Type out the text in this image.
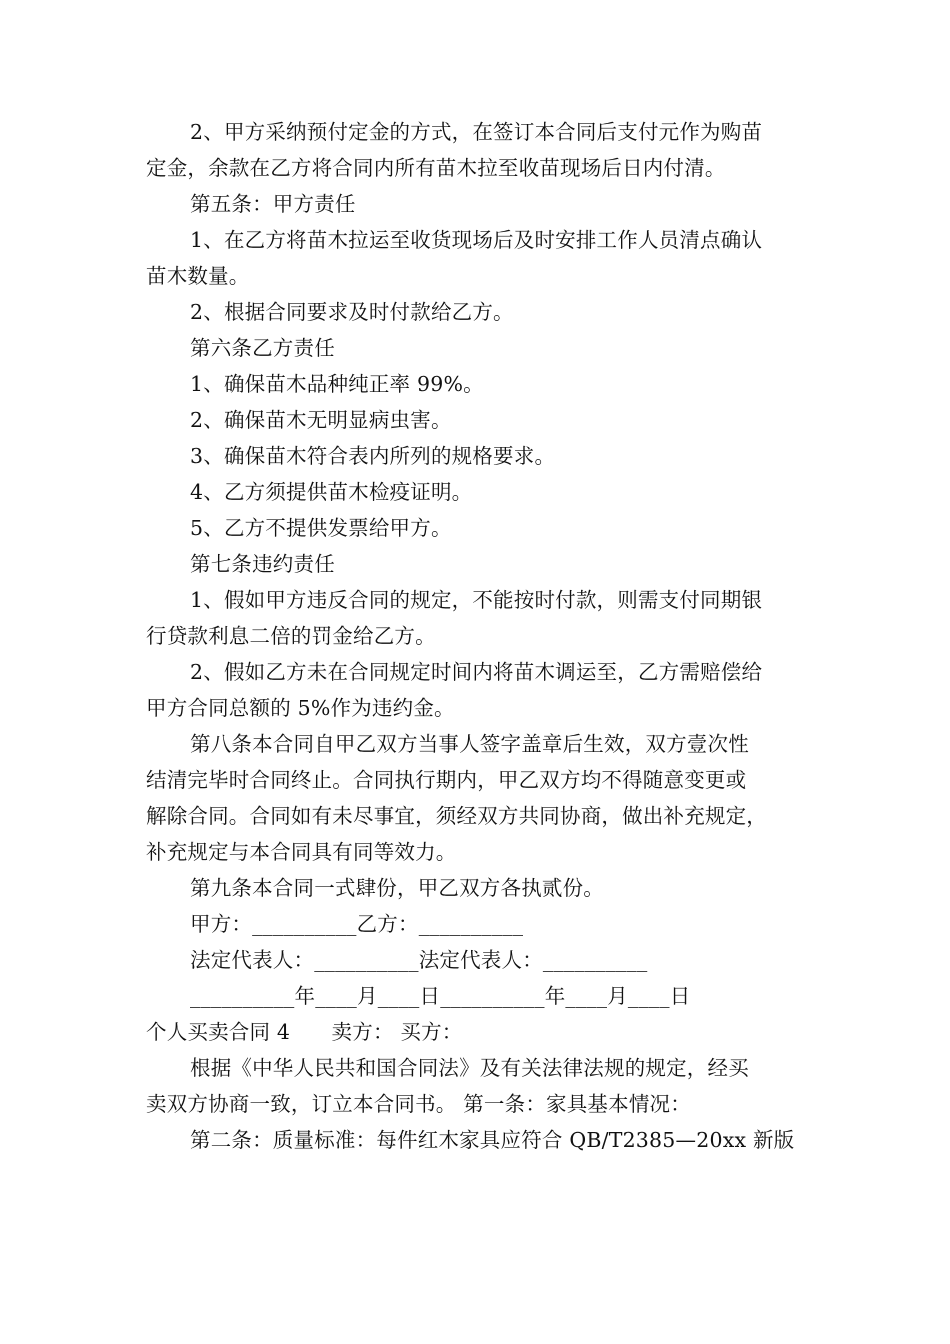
2、甲方采纳预付定金的方式，在签订本合同后支付元作为购苗
定金，余款在乙方将合同内所有苗木拉至收苗现场后日内付清。
第五条：甲方责任
1、在乙方将苗木拉运至收货现场后及时安排工作人员清点确认
苗木数量。
2、根据合同要求及时付款给乙方。
第六条乙方责任
1、确保苗木品种纯正率 99%。
2、确保苗木无明显病虫害。
3、确保苗木符合表内所列的规格要求。
4、乙方须提供苗木检疫证明。
5、乙方不提供发票给甲方。
第七条违约责任
1、假如甲方违反合同的规定，不能按时付款，则需支付同期银
行贷款利息二倍的罚金给乙方。
2、假如乙方未在合同规定时间内将苗木调运至，乙方需赔偿给
甲方合同总额的 5%作为违约金。
第八条本合同自甲乙双方当事人签字盖章后生效，双方壹次性
结清完毕时合同终止。合同执行期内，甲乙双方均不得随意变更或
解除合同。合同如有未尽事宜，须经双方共同协商，做出补充规定，
补充规定与本合同具有同等效力。
第九条本合同一式肆份，甲乙双方各执贰份。
甲方：__________乙方：__________
法定代表人：__________法定代表人：__________
__________年____月____日__________年____月____日
个人买卖合同 4　　卖方： 买方：
根据《中华人民共和国合同法》及有关法律法规的规定，经买
卖双方协商一致，订立本合同书。 第一条：家具基本情况：
第二条：质量标准：每件红木家具应符合 QB/T2385—20xx 新版
